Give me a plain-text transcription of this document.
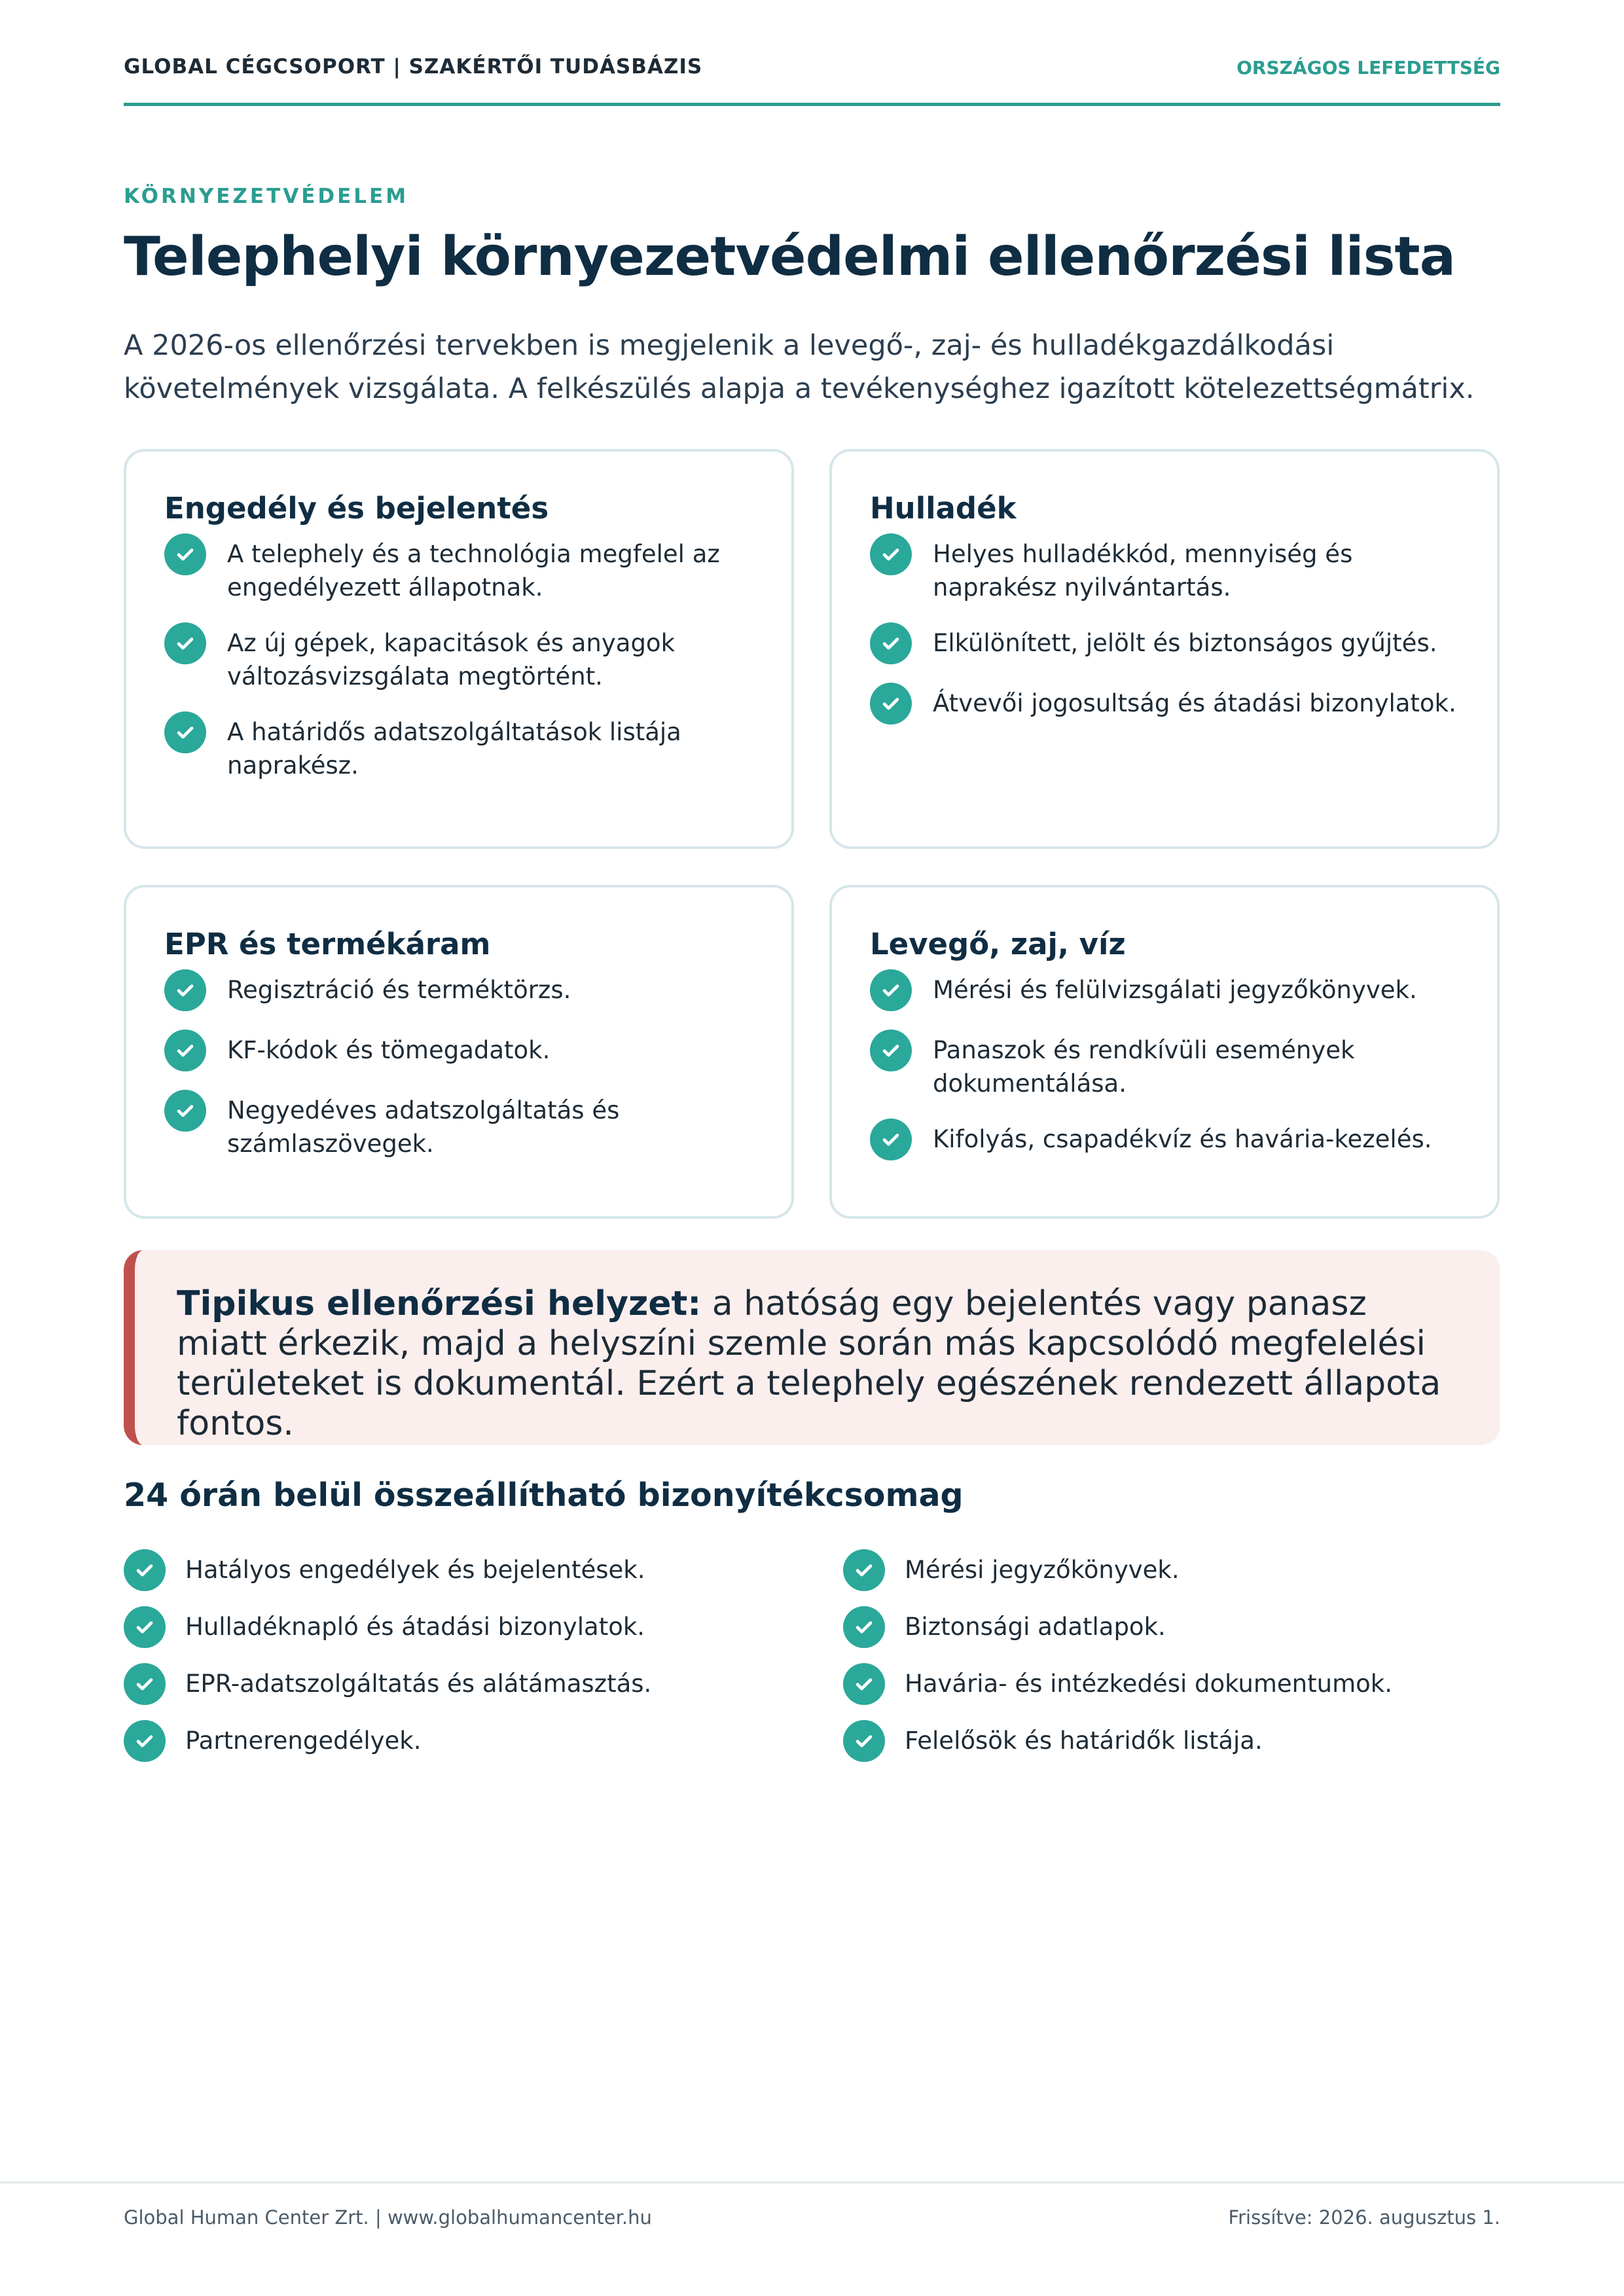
GLOBAL CÉGCSOPORT | SZAKÉRTŐI TUDÁSBÁZIS	ORSZÁGOS LEFEDETTSÉG
KÖRNYEZETVÉDELEM
Telephelyi környezetvédelmi ellenőrzési lista

A 2026-os ellenőrzési tervekben is megjelenik a levegő-, zaj- és hulladékgazdálkodási követelmények vizsgálata. A felkészülés alapja a tevékenységhez igazított kötelezettségmátrix.

Engedély és bejelentés
A telephely és a technológia megfelel az engedélyezett állapotnak.
Az új gépek, kapacitások és anyagok változásvizsgálata megtörtént.
A határidős adatszolgáltatások listája naprakész.
Hulladék
Helyes hulladékkód, mennyiség és naprakész nyilvántartás.
Elkülönített, jelölt és biztonságos gyűjtés.
Átvevői jogosultság és átadási bizonylatok.
EPR és termékáram
Regisztráció és terméktörzs.
KF-kódok és tömegadatok.
Negyedéves adatszolgáltatás és számlaszövegek.
Levegő, zaj, víz
Mérési és felülvizsgálati jegyzőkönyvek.
Panaszok és rendkívüli események dokumentálása.
Kifolyás, csapadékvíz és havária-kezelés.

Tipikus ellenőrzési helyzet: a hatóság egy bejelentés vagy panasz miatt érkezik, majd a helyszíni szemle során más kapcsolódó megfelelési területeket is dokumentál. Ezért a telephely egészének rendezett állapota fontos.

24 órán belül összeállítható bizonyítékcsomag
Hatályos engedélyek és bejelentések.
Hulladéknapló és átadási bizonylatok.
EPR-adatszolgáltatás és alátámasztás.
Partnerengedélyek.
Mérési jegyzőkönyvek.
Biztonsági adatlapok.
Havária- és intézkedési dokumentumok.
Felelősök és határidők listája.
Global Human Center Zrt. | www.globalhumancenter.hu	Frissítve: 2026. augusztus 1.
